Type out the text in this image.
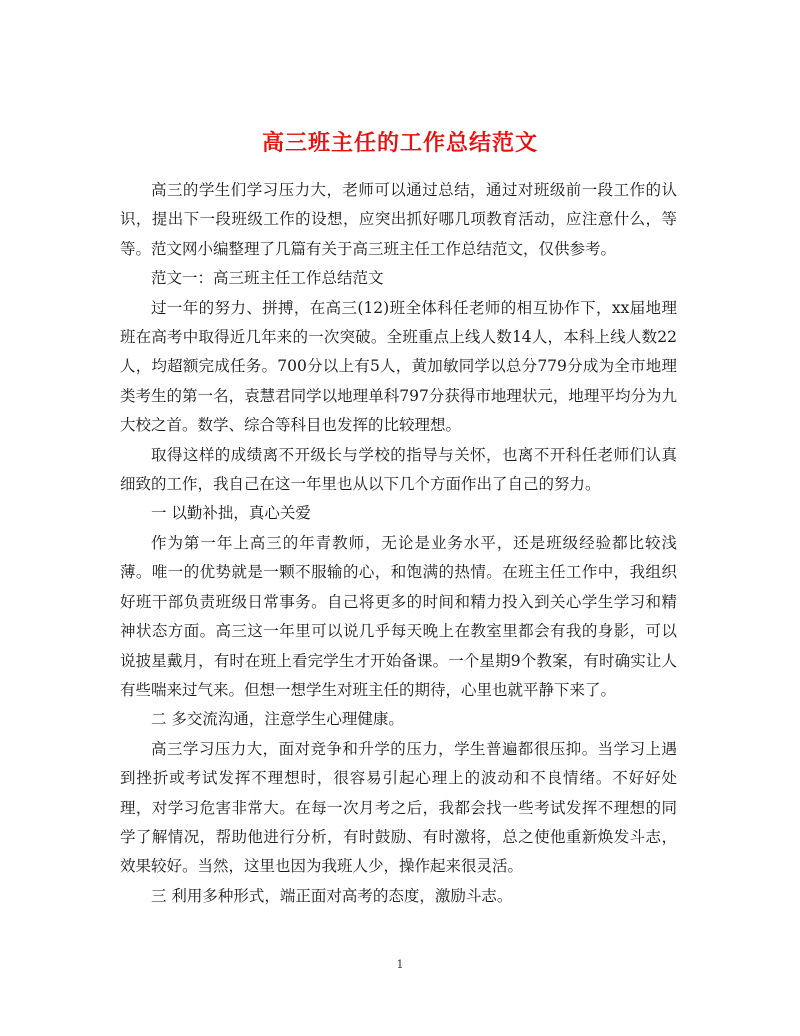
高三班主任的工作总结范文

高三的学生们学习压力大，老师可以通过总结，通过对班级前一段工作的认识，提出下一段班级工作的设想，应突出抓好哪几项教育活动，应注意什么，等等。范文网小编整理了几篇有关于高三班主任工作总结范文，仅供参考。

范文一：高三班主任工作总结范文

过一年的努力、拼搏，在高三(12)班全体科任老师的相互协作下，xx届地理班在高考中取得近几年来的一次突破。全班重点上线人数14人，本科上线人数22人，均超额完成任务。700分以上有5人，黄加敏同学以总分779分成为全市地理类考生的第一名，袁慧君同学以地理单科797分获得市地理状元，地理平均分为九大校之首。数学、综合等科目也发挥的比较理想。

取得这样的成绩离不开级长与学校的指导与关怀，也离不开科任老师们认真细致的工作，我自己在这一年里也从以下几个方面作出了自己的努力。

一 以勤补拙，真心关爱

作为第一年上高三的年青教师，无论是业务水平，还是班级经验都比较浅薄。唯一的优势就是一颗不服输的心，和饱满的热情。在班主任工作中，我组织好班干部负责班级日常事务。自己将更多的时间和精力投入到关心学生学习和精神状态方面。高三这一年里可以说几乎每天晚上在教室里都会有我的身影，可以说披星戴月，有时在班上看完学生才开始备课。一个星期9个教案，有时确实让人有些喘来过气来。但想一想学生对班主任的期待，心里也就平静下来了。

二 多交流沟通，注意学生心理健康。

高三学习压力大，面对竞争和升学的压力，学生普遍都很压抑。当学习上遇到挫折或考试发挥不理想时，很容易引起心理上的波动和不良情绪。不好好处理，对学习危害非常大。在每一次月考之后，我都会找一些考试发挥不理想的同学了解情况，帮助他进行分析，有时鼓励、有时激将，总之使他重新焕发斗志，效果较好。当然，这里也因为我班人少，操作起来很灵活。

三 利用多种形式，端正面对高考的态度，激励斗志。

1
